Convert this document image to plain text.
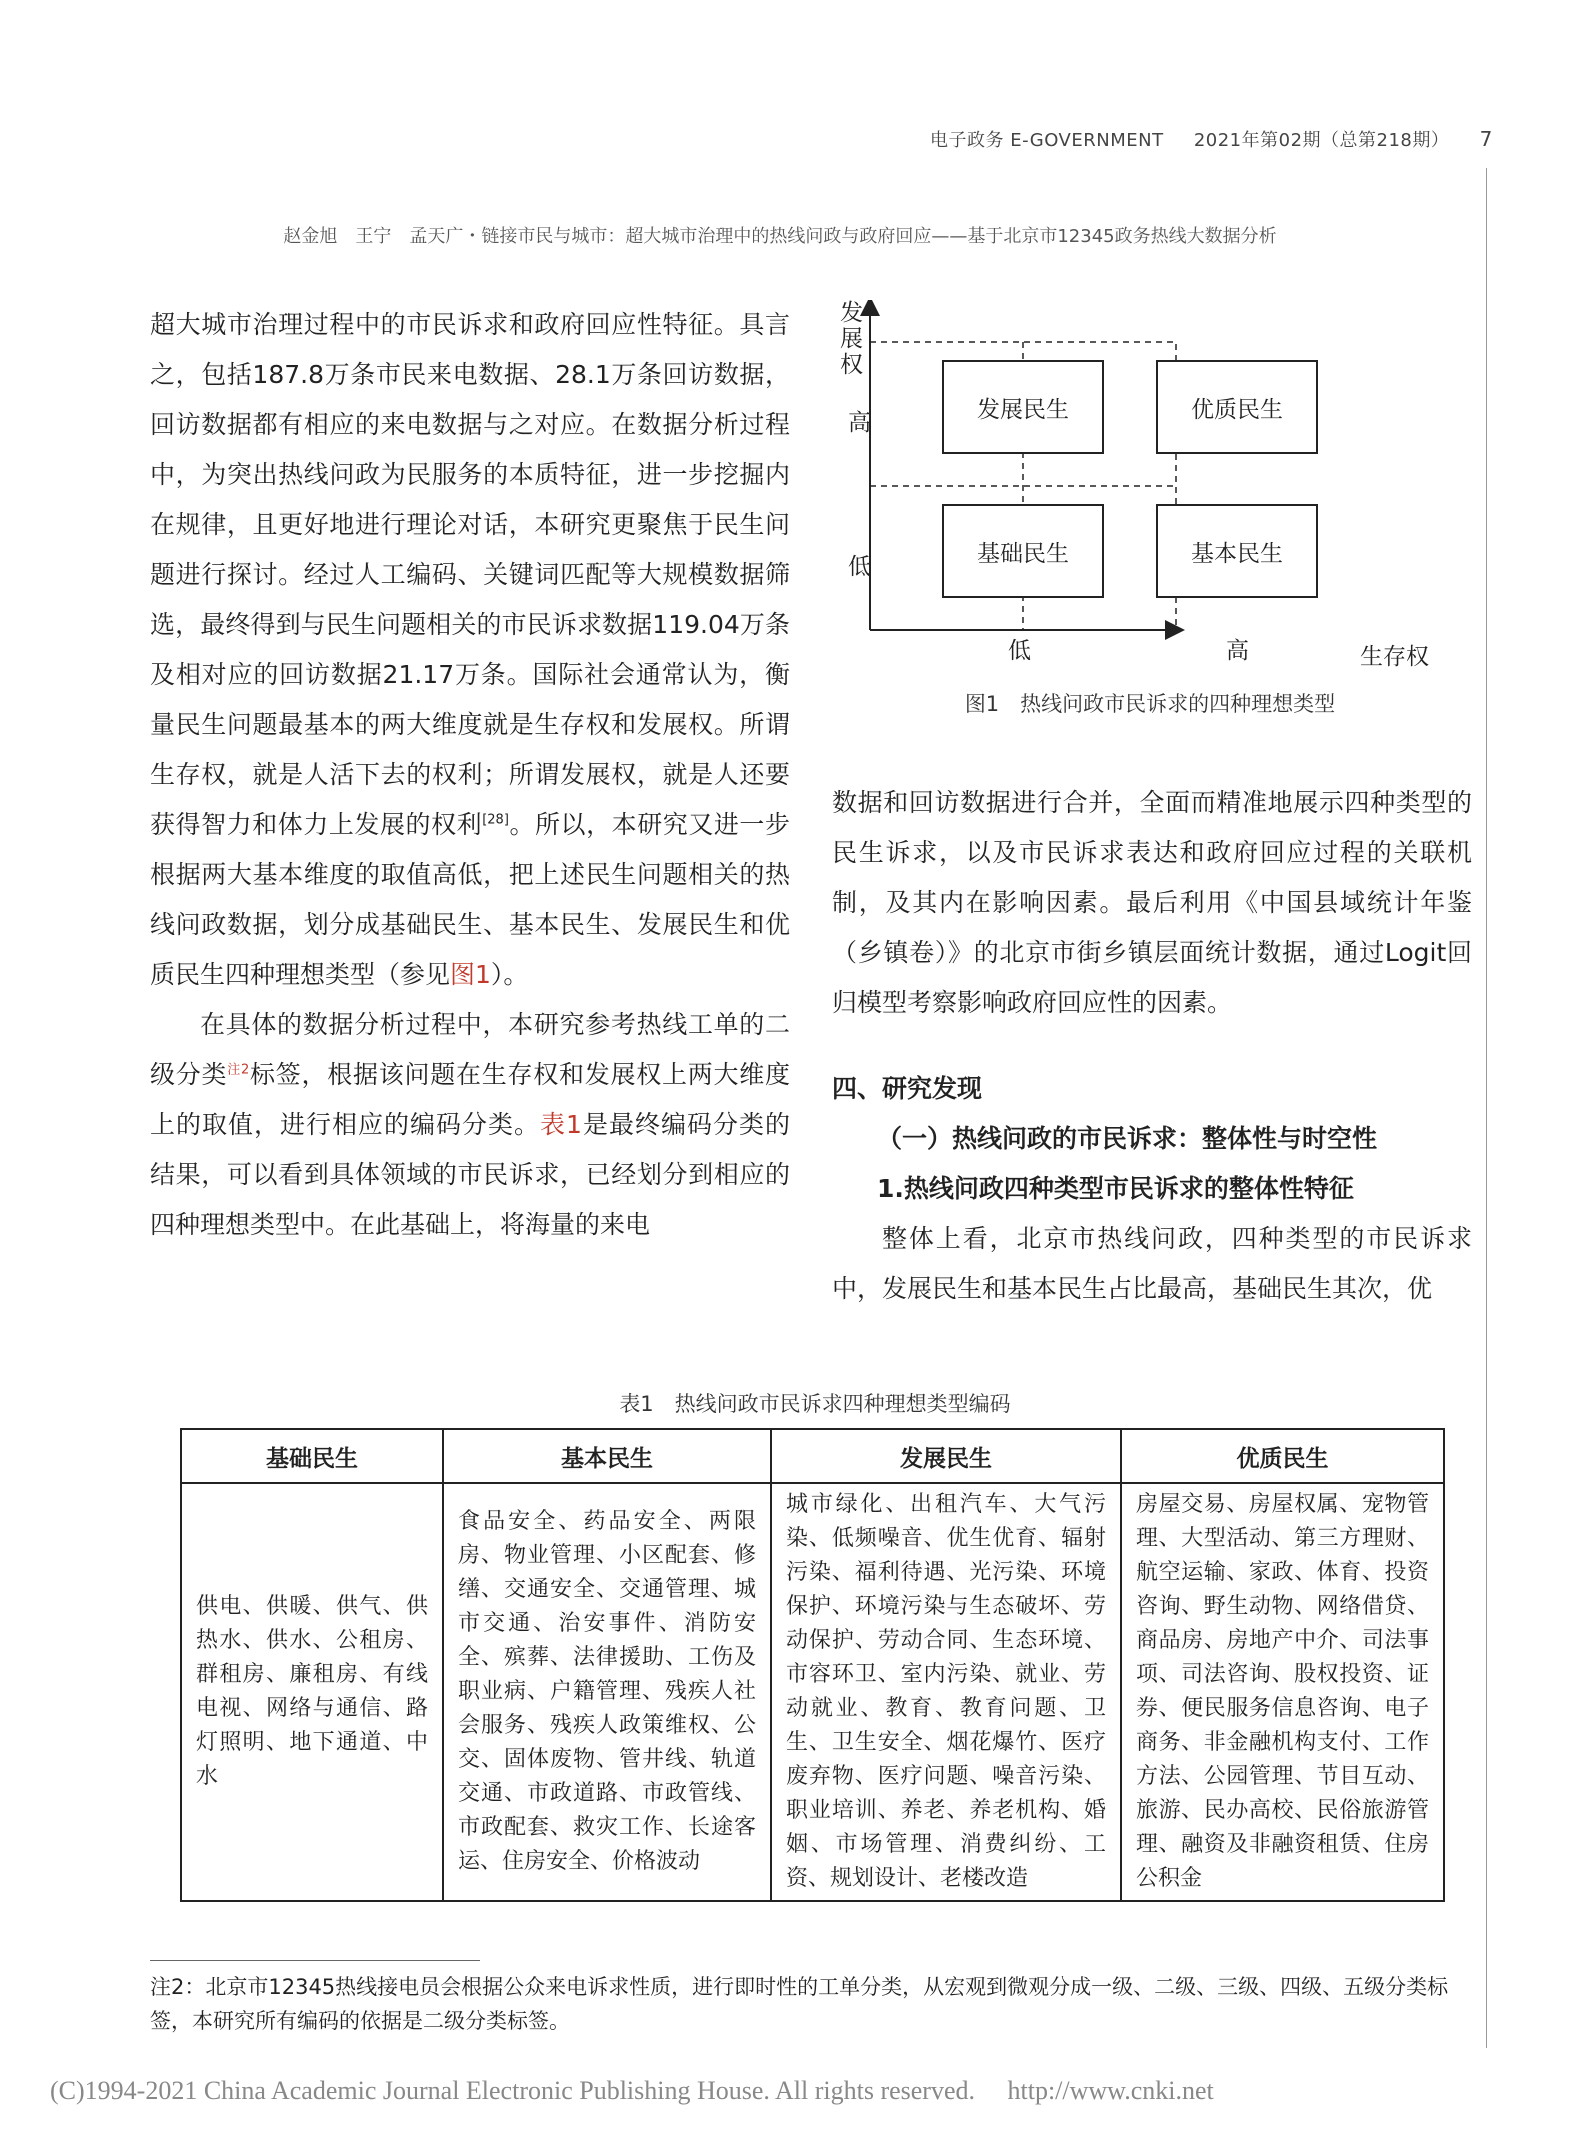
电子政务 E-GOVERNMENT 2021年第02期（总第218期） 7
赵金旭　王宁　孟天广・链接市民与城市：超大城市治理中的热线问政与政府回应——基于北京市12345政务热线大数据分析

超大城市治理过程中的市民诉求和政府回应性特征。具言之，包括187.8万条市民来电数据、28.1万条回访数据，回访数据都有相应的来电数据与之对应。在数据分析过程中，为突出热线问政为民服务的本质特征，进一步挖掘内在规律，且更好地进行理论对话，本研究更聚焦于民生问题进行探讨。经过人工编码、关键词匹配等大规模数据筛选，最终得到与民生问题相关的市民诉求数据119.04万条及相对应的回访数据21.17万条。国际社会通常认为，衡量民生问题最基本的两大维度就是生存权和发展权。所谓生存权，就是人活下去的权利；所谓发展权，就是人还要获得智力和体力上发展的权利[28]。所以，本研究又进一步根据两大基本维度的取值高低，把上述民生问题相关的热线问政数据，划分成基础民生、基本民生、发展民生和优质民生四种理想类型（参见图1）。

在具体的数据分析过程中，本研究参考热线工单的二级分类$^{注2}$标签，根据该问题在生存权和发展权上两大维度上的取值，进行相应的编码分类。表1是最终编码分类的结果，可以看到具体领域的市民诉求，已经划分到相应的四种理想类型中。在此基础上，将海量的来电

发
展
权
高
低
低	高	生存权
发展民生	优质民生
基础民生	基本民生
图1　热线问政市民诉求的四种理想类型

数据和回访数据进行合并，全面而精准地展示四种类型的民生诉求，以及市民诉求表达和政府回应过程的关联机制，及其内在影响因素。最后利用《中国县域统计年鉴（乡镇卷）》的北京市街乡镇层面统计数据，通过Logit回归模型考察影响政府回应性的因素。

四、研究发现

（一）热线问政的市民诉求：整体性与时空性

1.热线问政四种类型市民诉求的整体性特征

整体上看，北京市热线问政，四种类型的市民诉求中，发展民生和基本民生占比最高，基础民生其次，优

表1　热线问政市民诉求四种理想类型编码
基础民生	基本民生	发展民生	优质民生
供电、供暖、供气、供热水、供水、公租房、群租房、廉租房、有线电视、网络与通信、路灯照明、地下通道、中水	食品安全、药品安全、两限房、物业管理、小区配套、修缮、交通安全、交通管理、城市交通、治安事件、消防安全、殡葬、法律援助、工伤及职业病、户籍管理、残疾人社会服务、残疾人政策维权、公交、固体废物、管井线、轨道交通、市政道路、市政管线、市政配套、救灾工作、长途客运、住房安全、价格波动	城市绿化、出租汽车、大气污染、低频噪音、优生优育、辐射污染、福利待遇、光污染、环境保护、环境污染与生态破坏、劳动保护、劳动合同、生态环境、市容环卫、室内污染、就业、劳动就业、教育、教育问题、卫生、卫生安全、烟花爆竹、医疗废弃物、医疗问题、噪音污染、职业培训、养老、养老机构、婚姻、市场管理、消费纠纷、工资、规划设计、老楼改造	房屋交易、房屋权属、宠物管理、大型活动、第三方理财、航空运输、家政、体育、投资咨询、野生动物、网络借贷、商品房、房地产中介、司法事项、司法咨询、股权投资、证券、便民服务信息咨询、电子商务、非金融机构支付、工作方法、公园管理、节目互动、旅游、民办高校、民俗旅游管理、融资及非融资租赁、住房公积金
注2：北京市12345热线接电员会根据公众来电诉求性质，进行即时性的工单分类，从宏观到微观分成一级、二级、三级、四级、五级分类标签，本研究所有编码的依据是二级分类标签。
(C)1994-2021 China Academic Journal Electronic Publishing House. All rights reserved.　 http://www.cnki.net
